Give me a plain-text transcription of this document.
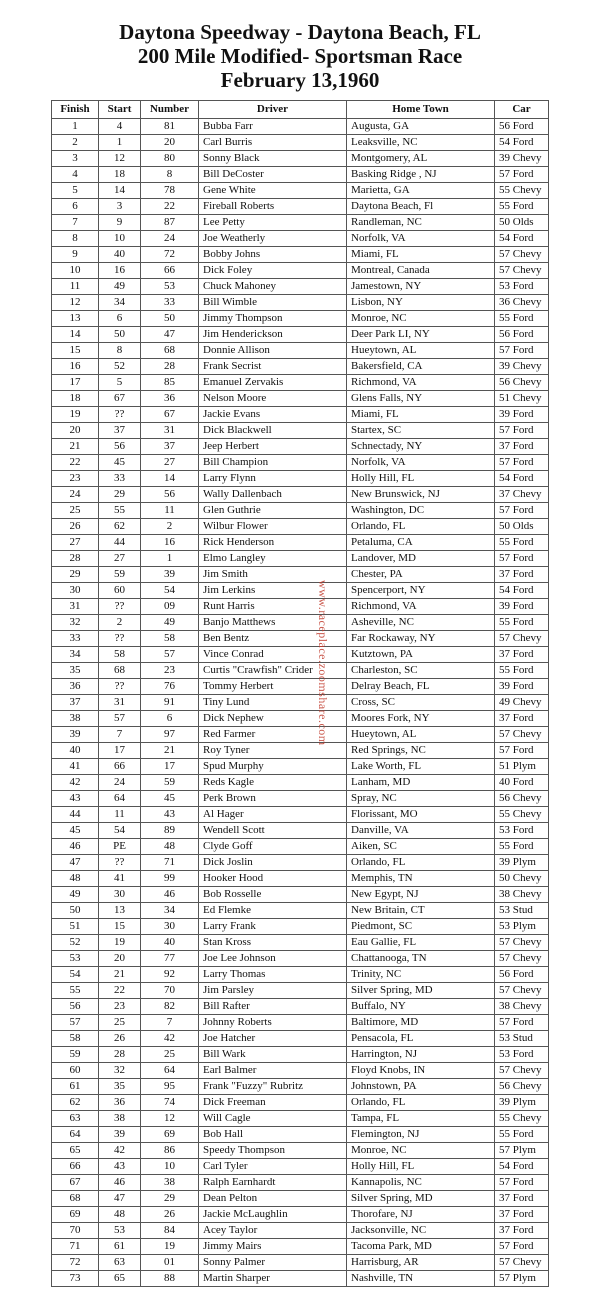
Daytona Speedway - Daytona Beach, FL

200 Mile Modified- Sportsman Race

February 13,1960

Finish	Start	Number	Driver	Home Town	Car
1	4	81	Bubba Farr	Augusta, GA	56 Ford
2	1	20	Carl Burris	Leaksville, NC	54 Ford
3	12	80	Sonny Black	Montgomery, AL	39 Chevy
4	18	8	Bill DeCoster	Basking Ridge , NJ	57 Ford
5	14	78	Gene White	Marietta, GA	55 Chevy
6	3	22	Fireball Roberts	Daytona Beach, Fl	55 Ford
7	9	87	Lee Petty	Randleman, NC	50 Olds
8	10	24	Joe Weatherly	Norfolk, VA	54 Ford
9	40	72	Bobby Johns	Miami, FL	57 Chevy
10	16	66	Dick Foley	Montreal, Canada	57 Chevy
11	49	53	Chuck Mahoney	Jamestown, NY	53 Ford
12	34	33	Bill Wimble	Lisbon, NY	36 Chevy
13	6	50	Jimmy Thompson	Monroe, NC	55 Ford
14	50	47	Jim Henderickson	Deer Park LI, NY	56 Ford
15	8	68	Donnie Allison	Hueytown, AL	57 Ford
16	52	28	Frank Secrist	Bakersfield, CA	39 Chevy
17	5	85	Emanuel Zervakis	Richmond, VA	56 Chevy
18	67	36	Nelson Moore	Glens Falls, NY	51 Chevy
19	??	67	Jackie Evans	Miami, FL	39 Ford
20	37	31	Dick Blackwell	Startex, SC	57 Ford
21	56	37	Jeep Herbert	Schnectady, NY	37 Ford
22	45	27	Bill Champion	Norfolk, VA	57 Ford
23	33	14	Larry Flynn	Holly Hill, FL	54 Ford
24	29	56	Wally Dallenbach	New Brunswick, NJ	37 Chevy
25	55	11	Glen Guthrie	Washington, DC	57 Ford
26	62	2	Wilbur Flower	Orlando, FL	50 Olds
27	44	16	Rick Henderson	Petaluma, CA	55 Ford
28	27	1	Elmo Langley	Landover, MD	57 Ford
29	59	39	Jim Smith	Chester, PA	37 Ford
30	60	54	Jim Lerkins	Spencerport, NY	54 Ford
31	??	09	Runt Harris	Richmond, VA	39 Ford
32	2	49	Banjo Matthews	Asheville, NC	55 Ford
33	??	58	Ben Bentz	Far Rockaway, NY	57 Chevy
34	58	57	Vince Conrad	Kutztown, PA	37 Ford
35	68	23	Curtis "Crawfish" Crider	Charleston, SC	55 Ford
36	??	76	Tommy Herbert	Delray Beach, FL	39 Ford
37	31	91	Tiny Lund	Cross, SC	49 Chevy
38	57	6	Dick Nephew	Moores Fork, NY	37 Ford
39	7	97	Red Farmer	Hueytown, AL	57 Chevy
40	17	21	Roy Tyner	Red Springs, NC	57 Ford
41	66	17	Spud Murphy	Lake Worth, FL	51 Plym
42	24	59	Reds Kagle	Lanham, MD	40 Ford
43	64	45	Perk Brown	Spray, NC	56 Chevy
44	11	43	Al Hager	Florissant, MO	55 Chevy
45	54	89	Wendell Scott	Danville, VA	53 Ford
46	PE	48	Clyde Goff	Aiken, SC	55 Ford
47	??	71	Dick Joslin	Orlando, FL	39 Plym
48	41	99	Hooker Hood	Memphis, TN	50 Chevy
49	30	46	Bob Rosselle	New Egypt, NJ	38 Chevy
50	13	34	Ed Flemke	New Britain, CT	53 Stud
51	15	30	Larry Frank	Piedmont, SC	53 Plym
52	19	40	Stan Kross	Eau Gallie, FL	57 Chevy
53	20	77	Joe Lee Johnson	Chattanooga, TN	57 Chevy
54	21	92	Larry Thomas	Trinity, NC	56 Ford
55	22	70	Jim Parsley	Silver Spring, MD	57 Chevy
56	23	82	Bill Rafter	Buffalo, NY	38 Chevy
57	25	7	Johnny Roberts	Baltimore, MD	57 Ford
58	26	42	Joe Hatcher	Pensacola, FL	53 Stud
59	28	25	Bill Wark	Harrington, NJ	53 Ford
60	32	64	Earl Balmer	Floyd Knobs, IN	57 Chevy
61	35	95	Frank "Fuzzy" Rubritz	Johnstown, PA	56 Chevy
62	36	74	Dick Freeman	Orlando, FL	39 Plym
63	38	12	Will Cagle	Tampa, FL	55 Chevy
64	39	69	Bob Hall	Flemington, NJ	55 Ford
65	42	86	Speedy Thompson	Monroe, NC	57 Plym
66	43	10	Carl Tyler	Holly Hill, FL	54 Ford
67	46	38	Ralph Earnhardt	Kannapolis, NC	57 Ford
68	47	29	Dean Pelton	Silver Spring, MD	37 Ford
69	48	26	Jackie McLaughlin	Thorofare, NJ	37 Ford
70	53	84	Acey Taylor	Jacksonville, NC	37 Ford
71	61	19	Jimmy Mairs	Tacoma Park, MD	57 Ford
72	63	01	Sonny Palmer	Harrisburg, AR	57 Chevy
73	65	88	Martin Sharper	Nashville, TN	57 Plym
www.raceplace.zoomshare.com
